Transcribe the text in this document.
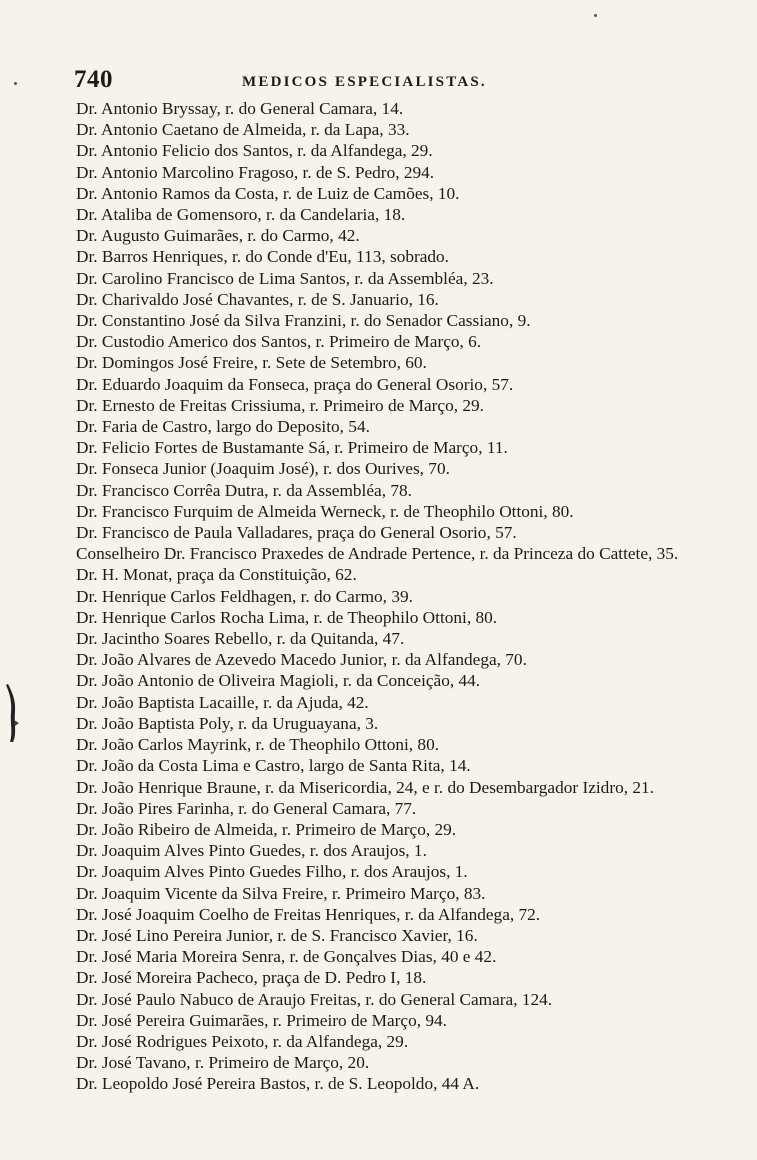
740	MEDICOS ESPECIALISTAS.
Dr. Antonio Bryssay, r. do General Camara, 14.
Dr. Antonio Caetano de Almeida, r. da Lapa, 33.
Dr. Antonio Felicio dos Santos, r. da Alfandega, 29.
Dr. Antonio Marcolino Fragoso, r. de S. Pedro, 294.
Dr. Antonio Ramos da Costa, r. de Luiz de Camões, 10.
Dr. Ataliba de Gomensoro, r. da Candelaria, 18.
Dr. Augusto Guimarães, r. do Carmo, 42.
Dr. Barros Henriques, r. do Conde d'Eu, 113, sobrado.
Dr. Carolino Francisco de Lima Santos, r. da Assembléa, 23.
Dr. Charivaldo José Chavantes, r. de S. Januario, 16.
Dr. Constantino José da Silva Franzini, r. do Senador Cassiano, 9.
Dr. Custodio Americo dos Santos, r. Primeiro de Março, 6.
Dr. Domingos José Freire, r. Sete de Setembro, 60.
Dr. Eduardo Joaquim da Fonseca, praça do General Osorio, 57.
Dr. Ernesto de Freitas Crissiuma, r. Primeiro de Março, 29.
Dr. Faria de Castro, largo do Deposito, 54.
Dr. Felicio Fortes de Bustamante Sá, r. Primeiro de Março, 11.
Dr. Fonseca Junior (Joaquim José), r. dos Ourives, 70.
Dr. Francisco Corrêa Dutra, r. da Assembléa, 78.
Dr. Francisco Furquim de Almeida Werneck, r. de Theophilo Ottoni, 80.
Dr. Francisco de Paula Valladares, praça do General Osorio, 57.
Conselheiro Dr. Francisco Praxedes de Andrade Pertence, r. da Princeza do Cattete, 35.
Dr. H. Monat, praça da Constituição, 62.
Dr. Henrique Carlos Feldhagen, r. do Carmo, 39.
Dr. Henrique Carlos Rocha Lima, r. de Theophilo Ottoni, 80.
Dr. Jacintho Soares Rebello, r. da Quitanda, 47.
Dr. João Alvares de Azevedo Macedo Junior, r. da Alfandega, 70.
Dr. João Antonio de Oliveira Magioli, r. da Conceição, 44.
Dr. João Baptista Lacaille, r. da Ajuda, 42.
Dr. João Baptista Poly, r. da Uruguayana, 3.
Dr. João Carlos Mayrink, r. de Theophilo Ottoni, 80.
Dr. João da Costa Lima e Castro, largo de Santa Rita, 14.
Dr. João Henrique Braune, r. da Misericordia, 24, e r. do Desembargador Izidro, 21.
Dr. João Pires Farinha, r. do General Camara, 77.
Dr. João Ribeiro de Almeida, r. Primeiro de Março, 29.
Dr. Joaquim Alves Pinto Guedes, r. dos Araujos, 1.
Dr. Joaquim Alves Pinto Guedes Filho, r. dos Araujos, 1.
Dr. Joaquim Vicente da Silva Freire, r. Primeiro Março, 83.
Dr. José Joaquim Coelho de Freitas Henriques, r. da Alfandega, 72.
Dr. José Lino Pereira Junior, r. de S. Francisco Xavier, 16.
Dr. José Maria Moreira Senra, r. de Gonçalves Dias, 40 e 42.
Dr. José Moreira Pacheco, praça de D. Pedro I, 18.
Dr. José Paulo Nabuco de Araujo Freitas, r. do General Camara, 124.
Dr. José Pereira Guimarães, r. Primeiro de Março, 94.
Dr. José Rodrigues Peixoto, r. da Alfandega, 29.
Dr. José Tavano, r. Primeiro de Março, 20.
Dr. Leopoldo José Pereira Bastos, r. de S. Leopoldo, 44 A.
